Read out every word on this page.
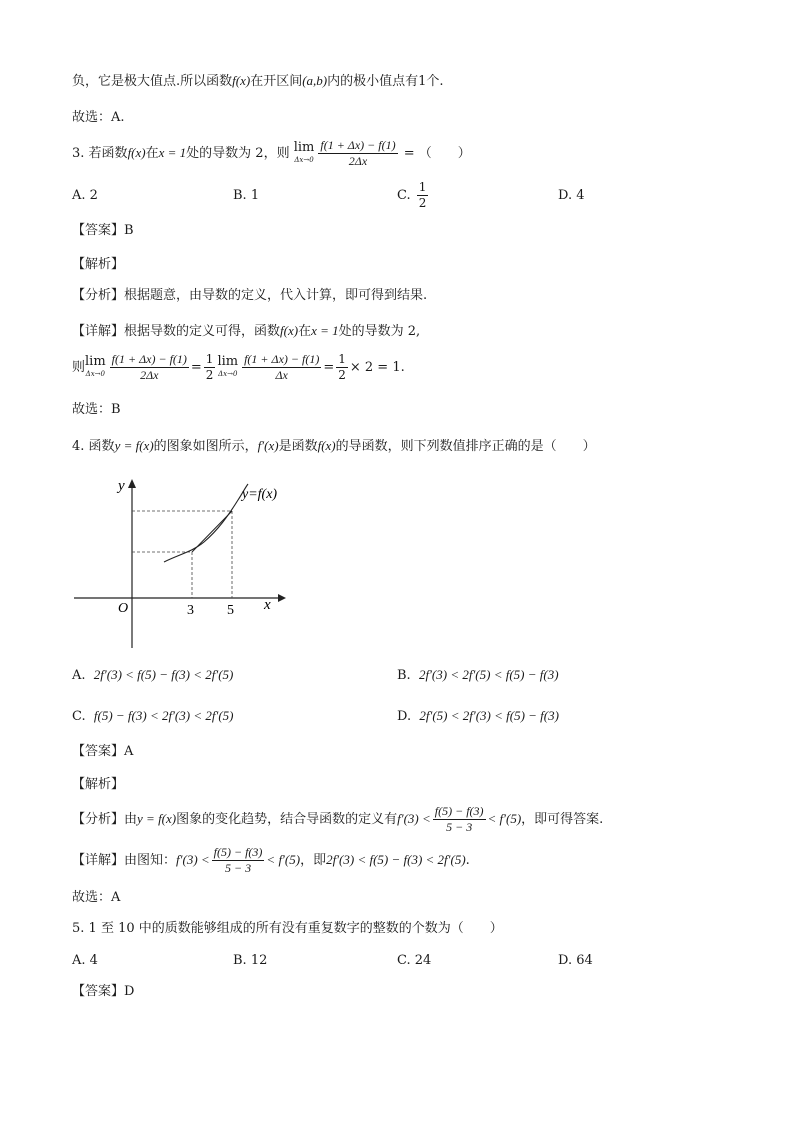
负，它是极大值点.所以函数f(x)在开区间(a,b)内的极小值点有1个.
故选：A.
3. 若函数f(x)在x = 1处的导数为 2，则 lim
$\Delta x\to 0 \frac{f(1 + \Delta x) - f(1)}{2\Delta x}$ = （　　）
A. 2	B. 1	C. $\frac{1}{2}$	D. 4
【答案】B
【解析】
【分析】根据题意，由导数的定义，代入计算，即可得到结果.
【详解】根据导数的定义可得，函数f(x)在x = 1处的导数为 2,
则 lim
$\Delta x\to 0 \frac{f(1 + \Delta x) - f(1)}{2\Delta x} = \frac{1}{2}$ lim
$\Delta x\to 0 \frac{f(1 + \Delta x) - f(1)}{\Delta x} = \frac{1}{2} \times 2 = 1$.
故选：B
4. 函数y = f(x)的图象如图所示，f′(x)是函数f(x)的导函数，则下列数值排序正确的是（　　）
y
x
O	3 5
y=f(x)
A. 2f′(3) < f(5) − f(3) < 2f′(5)	B. 2f′(3) < 2f′(5) < f(5) − f(3)
C. f(5) − f(3) < 2f′(3) < 2f′(5)	D. 2f′(5) < 2f′(3) < f(5) − f(3)
【答案】A
【解析】
【分析】由y = f(x)图象的变化趋势，结合导函数的定义有$f'(3) < \frac{f(5) - f(3)}{5 - 3} < f'(5)$，即可得答案.
【详解】由图知：$f'(3) < \frac{f(5) - f(3)}{5 - 3} < f'(5)$，即2f′(3) < f(5) − f(3) < 2f′(5).
故选：A
5. 1 至 10 中的质数能够组成的所有没有重复数字的整数的个数为（　　）
A. 4	B. 12	C. 24	D. 64
【答案】D
